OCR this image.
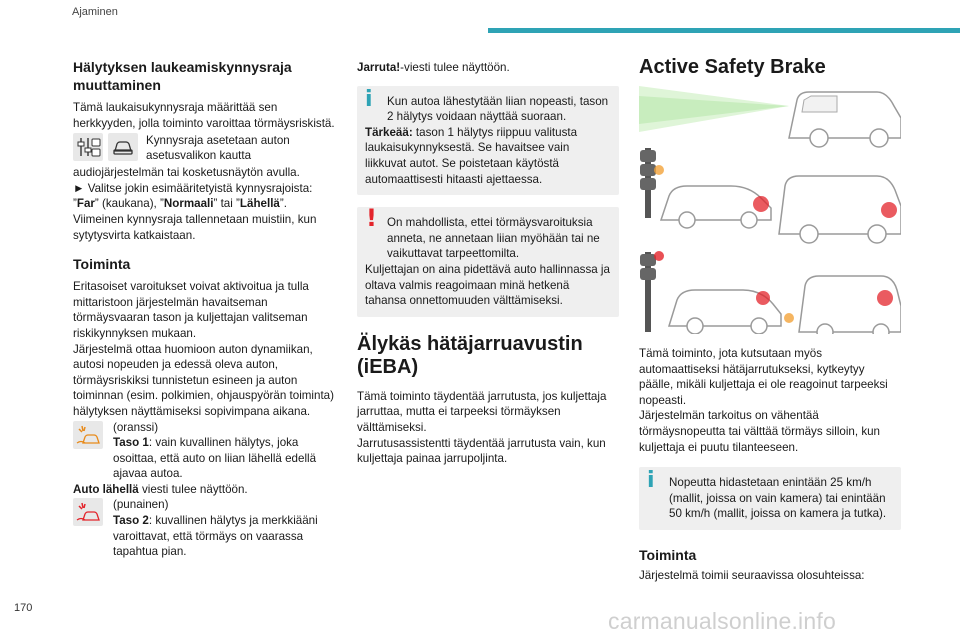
Ajaminen

Hälytyksen laukeamiskynnysraja muuttaminen

Tämä laukaisukynnysraja määrittää sen herkkyyden, jolla toiminto varoittaa törmäysriskistä.

Kynnysraja asetetaan auton
asetusvalikon kautta

audiojärjestelmän tai kosketusnäytön avulla.

► Valitse jokin esimääritetyistä kynnysrajoista:

”Far” (kaukana), ”Normaali” tai ”Lähellä”.

Viimeinen kynnysraja tallennetaan muistiin, kun sytytysvirta katkaistaan.

Toiminta

Eritasoiset varoitukset voivat aktivoitua ja tulla mittaristoon järjestelmän havaitseman törmäysvaaran tason ja kuljettajan valitseman riskikynnyksen mukaan.

Järjestelmä ottaa huomioon auton dynamiikan, autosi nopeuden ja edessä oleva auton, törmäysriskiksi tunnistetun esineen ja auton toiminnan (esim. polkimien, ohjauspyörän toiminta) hälytyksen näyttämiseksi sopivimpana aikana.

(oranssi)

Taso 1: vain kuvallinen hälytys, joka osoittaa, että auto on liian lähellä edellä ajavaa autoa.

Auto lähellä viesti tulee näyttöön.

(punainen)

Taso 2: kuvallinen hälytys ja merkkiääni varoittavat, että törmäys on vaarassa tapahtua pian.

Jarruta!-viesti tulee näyttöön.

i	Kun autoa lähestytään liian nopeasti, tason 2 hälytys voidaan näyttää suoraan.

Tärkeää: tason 1 hälytys riippuu valitusta laukaisukynnyksestä. Se havaitsee vain liikkuvat autot. Se poistetaan käytöstä automaattisesti hitaasti ajettaessa.

! On mahdollista, ettei törmäysvaroituksia anneta, ne annetaan liian myöhään tai ne vaikuttavat tarpeettomilta.

Kuljettajan on aina pidettävä auto hallinnassa ja oltava valmis reagoimaan minä hetkenä tahansa onnettomuuden välttämiseksi.

Älykäs hätäjarruavustin (iEBA)

Tämä toiminto täydentää jarrutusta, jos kuljettaja jarruttaa, mutta ei tarpeeksi törmäyksen välttämiseksi.

Jarrutusassistentti täydentää jarrutusta vain, kun kuljettaja painaa jarrupoljinta.

Active Safety Brake

Tämä toiminto, jota kutsutaan myös automaattiseksi hätäjarrutukseksi, kytkeytyy päälle, mikäli kuljettaja ei ole reagoinut tarpeeksi nopeasti.

Järjestelmän tarkoitus on vähentää törmäysnopeutta tai välttää törmäys silloin, kun kuljettaja ei puutu tilanteeseen.

i	Nopeutta hidastetaan enintään 25 km/h (mallit, joissa on vain kamera) tai enintään 50 km/h (mallit, joissa on kamera ja tutka).

Toiminta

Järjestelmä toimii seuraavissa olosuhteissa:

170	carmanualsonline.info
